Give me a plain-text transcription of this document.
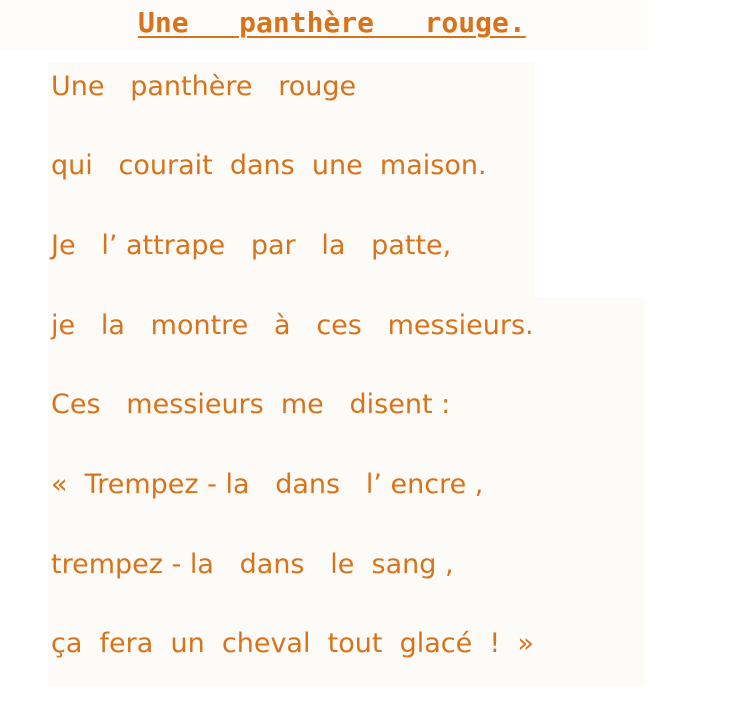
Une   panthère   rouge.
Une   panthère   rouge
qui   courait  dans  une  maison.
Je   l’ attrape   par   la   patte,
je   la   montre   à   ces   messieurs.
Ces   messieurs  me   disent :
«  Trempez - la   dans   l’ encre ,
trempez - la   dans   le  sang ,
ça  fera  un  cheval  tout  glacé  !  »
